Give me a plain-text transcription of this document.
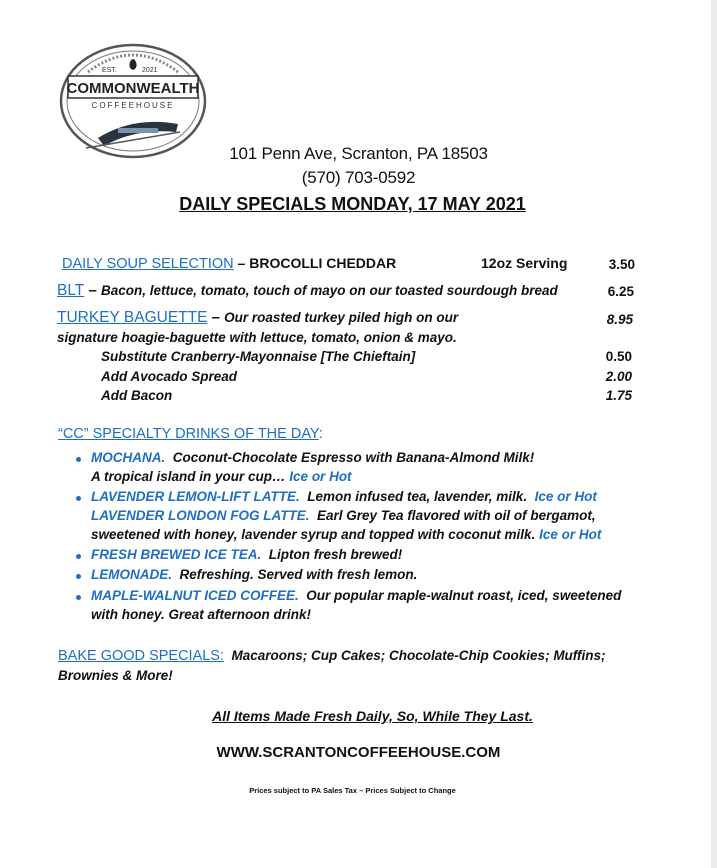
EST.	2021
COMMONWEALTH
COFFEEHOUSE
101 Penn Ave, Scranton, PA 18503
(570) 703-0592
DAILY SPECIALS MONDAY, 17 MAY 2021
DAILY SOUP SELECTION – BROCOLLI CHEDDAR	12oz Serving	3.50
BLT – Bacon, lettuce, tomato, touch of mayo on our toasted sourdough bread	6.25
TURKEY BAGUETTE – Our roasted turkey piled high on our	8.95
signature hoagie-baguette with lettuce, tomato, onion & mayo.
Substitute Cranberry-Mayonnaise [The Chieftain]	0.50
Add Avocado Spread	2.00
Add Bacon	1.75
“CC” SPECIALTY DRINKS OF THE DAY:
MOCHANA. Coconut-Chocolate Espresso with Banana-Almond Milk!
A tropical island in your cup… Ice or Hot
LAVENDER LEMON-LIFT LATTE. Lemon infused tea, lavender, milk. Ice or Hot
LAVENDER LONDON FOG LATTE. Earl Grey Tea flavored with oil of bergamot,
sweetened with honey, lavender syrup and topped with coconut milk. Ice or Hot
FRESH BREWED ICE TEA. Lipton fresh brewed!
LEMONADE. Refreshing. Served with fresh lemon.
MAPLE-WALNUT ICED COFFEE. Our popular maple-walnut roast, iced, sweetened
with honey. Great afternoon drink!
BAKE GOOD SPECIALS: Macaroons; Cup Cakes; Chocolate-Chip Cookies; Muffins;
Brownies & More!
All Items Made Fresh Daily, So, While They Last.
WWW.SCRANTONCOFFEEHOUSE.COM
Prices subject to PA Sales Tax – Prices Subject to Change
